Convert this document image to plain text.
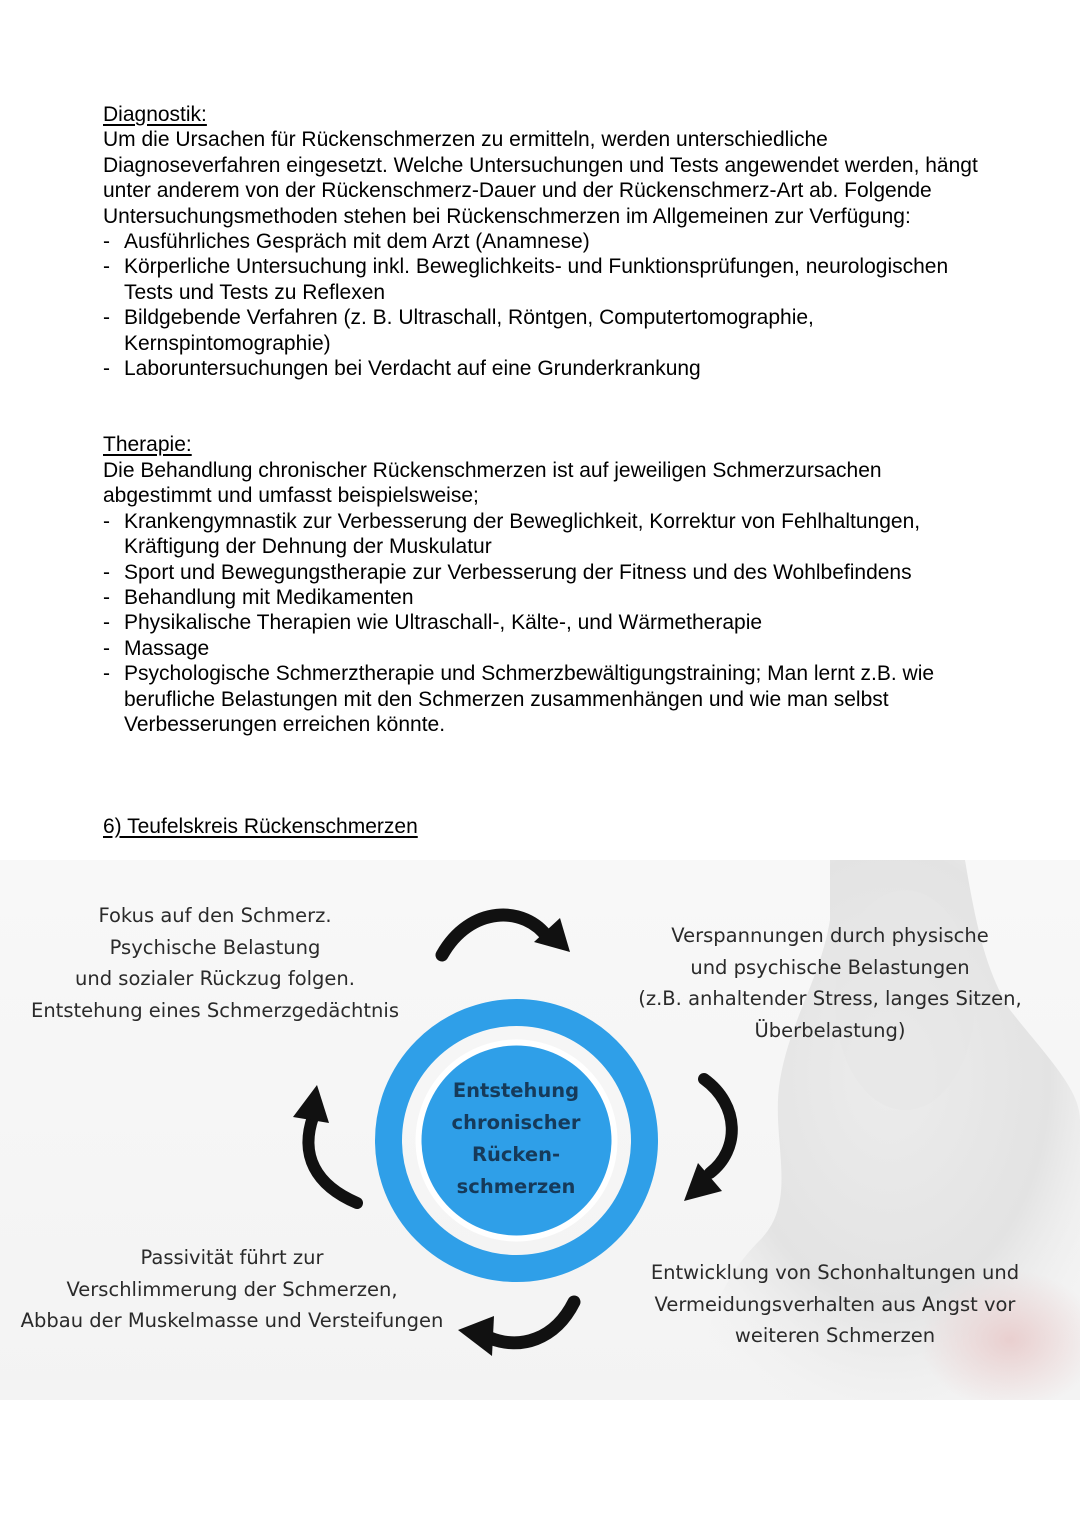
Diagnostik:

Um die Ursachen für Rückenschmerzen zu ermitteln, werden unterschiedliche Diagnoseverfahren eingesetzt. Welche Untersuchungen und Tests angewendet werden, hängt unter anderem von der Rückenschmerz-Dauer und der Rückenschmerz-Art ab. Folgende Untersuchungsmethoden stehen bei Rückenschmerzen im Allgemeinen zur Verfügung:

- Ausführliches Gespräch mit dem Arzt (Anamnese)
- Körperliche Untersuchung inkl. Beweglichkeits- und Funktionsprüfungen, neurologischen Tests und Tests zu Reflexen
- Bildgebende Verfahren (z. B. Ultraschall, Röntgen, Computertomographie, Kernspintomographie)
- Laboruntersuchungen bei Verdacht auf eine Grunderkrankung
Therapie:

Die Behandlung chronischer Rückenschmerzen ist auf jeweiligen Schmerzursachen abgestimmt und umfasst beispielsweise;

- Krankengymnastik zur Verbesserung der Beweglichkeit, Korrektur von Fehlhaltungen, Kräftigung der Dehnung der Muskulatur
- Sport und Bewegungstherapie zur Verbesserung der Fitness und des Wohlbefindens
- Behandlung mit Medikamenten
- Physikalische Therapien wie Ultraschall-, Kälte-, und Wärmetherapie
- Massage
- Psychologische Schmerztherapie und Schmerzbewältigungstraining; Man lernt z.B. wie berufliche Belastungen mit den Schmerzen zusammenhängen und wie man selbst Verbesserungen erreichen könnte.
6) Teufelskreis Rückenschmerzen
Fokus auf den Schmerz.
Psychische Belastung
und sozialer Rückzug folgen.
Entstehung eines Schmerzgedächtnis
Verspannungen durch physische
und psychische Belastungen
(z.B. anhaltender Stress, langes Sitzen,
Überbelastung)
Passivität führt zur
Verschlimmerung der Schmerzen,
Abbau der Muskelmasse und Versteifungen
Entwicklung von Schonhaltungen und
Vermeidungsverhalten aus Angst vor
weiteren Schmerzen
Entstehung
chronischer
Rücken-
schmerzen
